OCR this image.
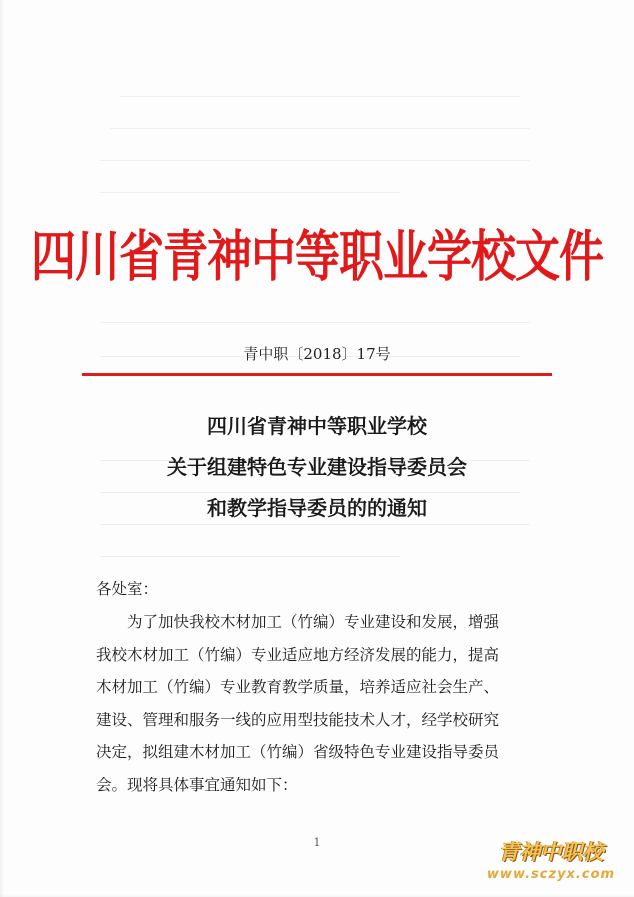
四川省青神中等职业学校文件
青中职〔2018〕17号
四川省青神中等职业学校
关于组建特色专业建设指导委员会
和教学指导委员的的通知
各处室：
　　为了加快我校木材加工（竹编）专业建设和发展，增强
我校木材加工（竹编）专业适应地方经济发展的能力，提高
木材加工（竹编）专业教育教学质量，培养适应社会生产、
建设、管理和服务一线的应用型技能技术人才，经学校研究
决定，拟组建木材加工（竹编）省级特色专业建设指导委员
会。现将具体事宜通知如下：
1	青神中职校
www.sczyx.com
